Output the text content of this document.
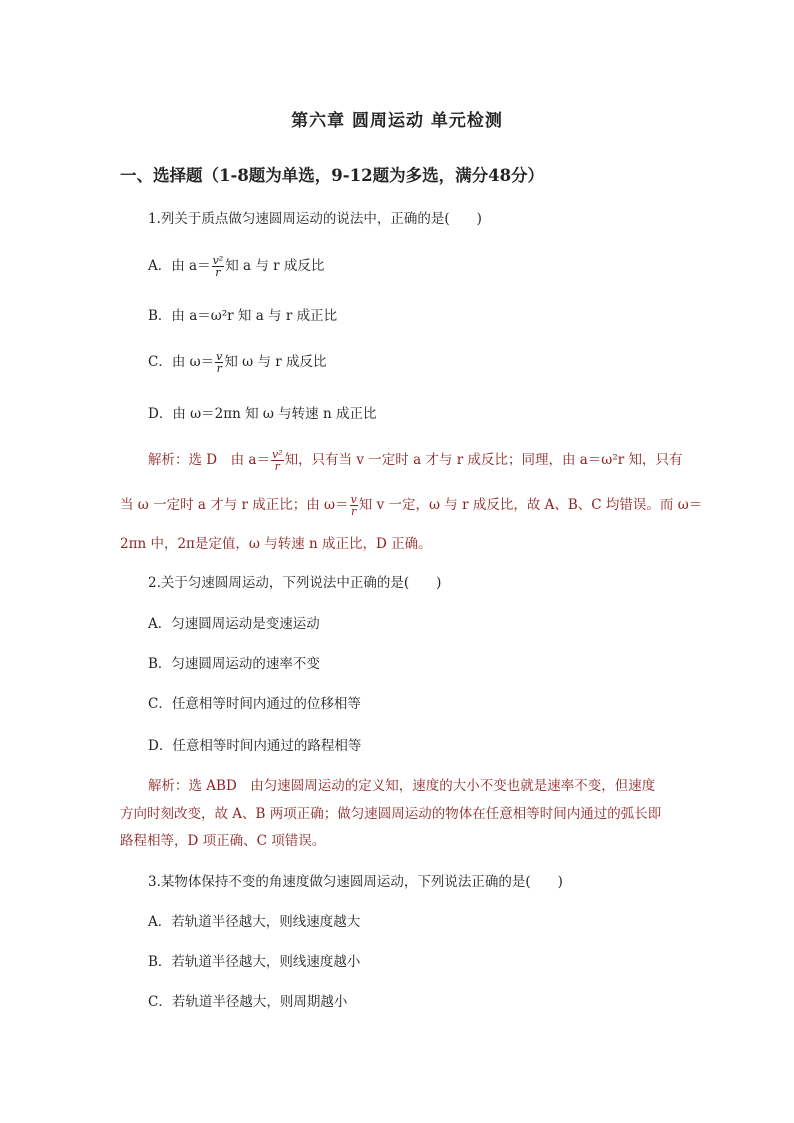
第六章 圆周运动 单元检测
一、选择题（1-8题为单选，9-12题为多选，满分48分）
1.列关于质点做匀速圆周运动的说法中，正确的是(　　)
A．由 $a= \frac{\text{v²}}{r}$ 知 a 与 r 成反比
B．由 a＝ω²r 知 a 与 r 成正比
C．由 $\omega= \frac{v}{r}$ 知 ω 与 r 成反比
D．由 ω＝2πn 知 ω 与转速 n 成正比
解析：选 D　由 $a= \frac{\text{v²}}{r}$ 知，只有当 v 一定时 a 才与 r 成反比；同理，由 a＝ω²r 知，只有
当 ω 一定时 a 才与 r 成正比；由 $\omega= \frac{v}{r}$ 知 v 一定，ω 与 r 成反比，故 A、B、C 均错误。而 ω＝
2πn 中，2π是定值，ω 与转速 n 成正比，D 正确。
2.关于匀速圆周运动，下列说法中正确的是(　　)
A．匀速圆周运动是变速运动
B．匀速圆周运动的速率不变
C．任意相等时间内通过的位移相等
D．任意相等时间内通过的路程相等
解析：选 ABD　由匀速圆周运动的定义知，速度的大小不变也就是速率不变，但速度
方向时刻改变，故 A、B 两项正确；做匀速圆周运动的物体在任意相等时间内通过的弧长即
路程相等，D 项正确、C 项错误。
3.某物体保持不变的角速度做匀速圆周运动，下列说法正确的是(　　)
A．若轨道半径越大，则线速度越大
B．若轨道半径越大，则线速度越小
C．若轨道半径越大，则周期越小
